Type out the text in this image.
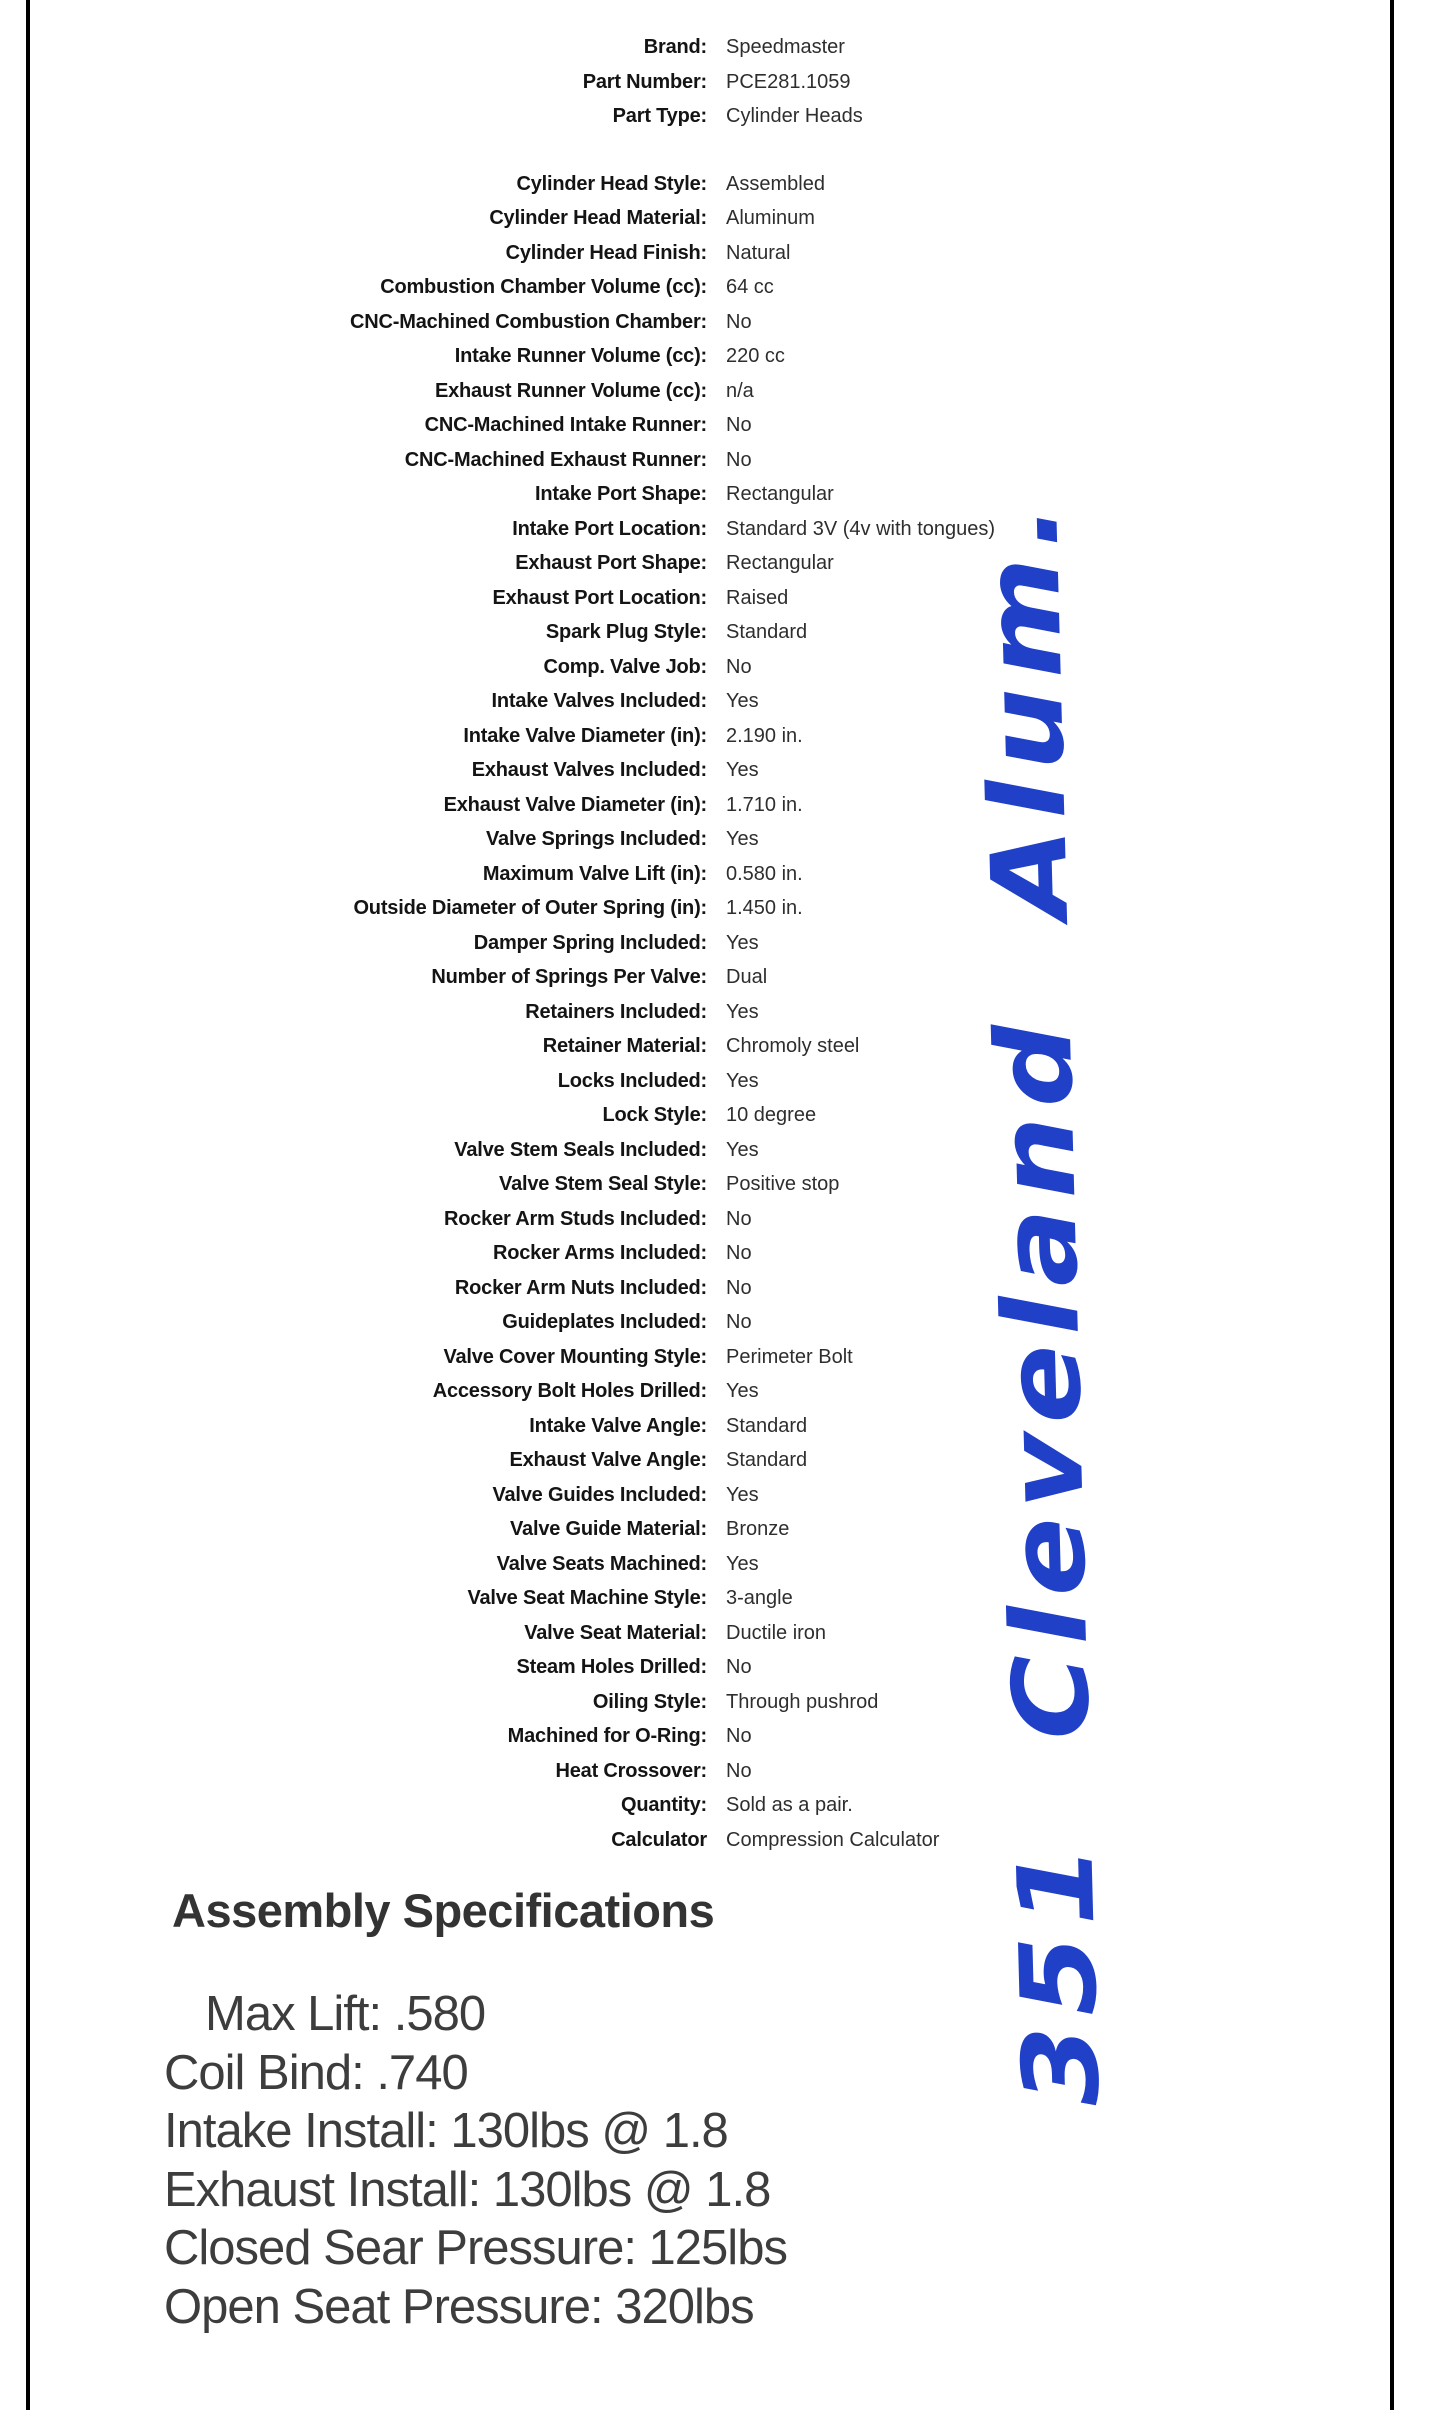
Brand: Speedmaster
Part Number: PCE281.1059
Part Type: Cylinder Heads
Cylinder Head Style: Assembled
Cylinder Head Material: Aluminum
Cylinder Head Finish: Natural
Combustion Chamber Volume (cc): 64 cc
CNC-Machined Combustion Chamber: No
Intake Runner Volume (cc): 220 cc
Exhaust Runner Volume (cc): n/a
CNC-Machined Intake Runner: No
CNC-Machined Exhaust Runner: No
Intake Port Shape: Rectangular
Intake Port Location: Standard 3V (4v with tongues)
Exhaust Port Shape: Rectangular
Exhaust Port Location: Raised
Spark Plug Style: Standard
Comp. Valve Job: No
Intake Valves Included: Yes
Intake Valve Diameter (in): 2.190 in.
Exhaust Valves Included: Yes
Exhaust Valve Diameter (in): 1.710 in.
Valve Springs Included: Yes
Maximum Valve Lift (in): 0.580 in.
Outside Diameter of Outer Spring (in): 1.450 in.
Damper Spring Included: Yes
Number of Springs Per Valve: Dual
Retainers Included: Yes
Retainer Material: Chromoly steel
Locks Included: Yes
Lock Style: 10 degree
Valve Stem Seals Included: Yes
Valve Stem Seal Style: Positive stop
Rocker Arm Studs Included: No
Rocker Arms Included: No
Rocker Arm Nuts Included: No
Guideplates Included: No
Valve Cover Mounting Style: Perimeter Bolt
Accessory Bolt Holes Drilled: Yes
Intake Valve Angle: Standard
Exhaust Valve Angle: Standard
Valve Guides Included: Yes
Valve Guide Material: Bronze
Valve Seats Machined: Yes
Valve Seat Machine Style: 3-angle
Valve Seat Material: Ductile iron
Steam Holes Drilled: No
Oiling Style: Through pushrod
Machined for O-Ring: No
Heat Crossover: No
Quantity: Sold as a pair.
Calculator Compression Calculator
Assembly Specifications
Max Lift: .580
Coil Bind: .740
Intake Install: 130lbs @ 1.8
Exhaust Install: 130lbs @ 1.8
Closed Sear Pressure: 125lbs
Open Seat Pressure: 320lbs
351 Cleveland Alum.
